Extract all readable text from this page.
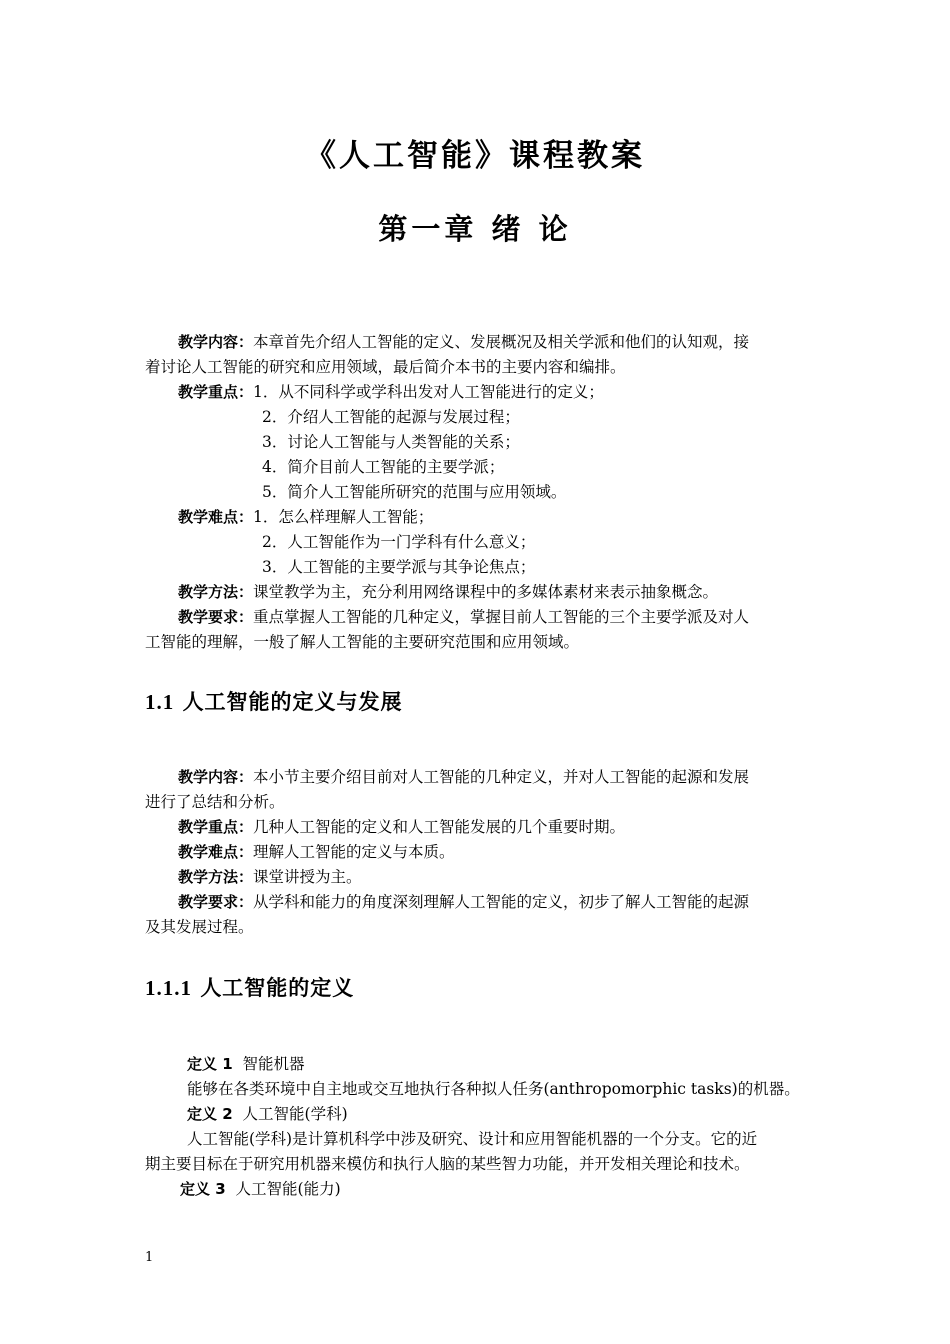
《人工智能》课程教案
第一章 绪 论
教学内容：本章首先介绍人工智能的定义、发展概况及相关学派和他们的认知观，接
着讨论人工智能的研究和应用领域，最后简介本书的主要内容和编排。
教学重点：1．从不同科学或学科出发对人工智能进行的定义；
2．介绍人工智能的起源与发展过程；
3．讨论人工智能与人类智能的关系；
4．简介目前人工智能的主要学派；
5．简介人工智能所研究的范围与应用领域。
教学难点：1．怎么样理解人工智能；
2．人工智能作为一门学科有什么意义；
3．人工智能的主要学派与其争论焦点；
教学方法：课堂教学为主，充分利用网络课程中的多媒体素材来表示抽象概念。
教学要求：重点掌握人工智能的几种定义，掌握目前人工智能的三个主要学派及对人
工智能的理解，一般了解人工智能的主要研究范围和应用领域。
1.1 人工智能的定义与发展
教学内容：本小节主要介绍目前对人工智能的几种定义，并对人工智能的起源和发展
进行了总结和分析。
教学重点：几种人工智能的定义和人工智能发展的几个重要时期。
教学难点：理解人工智能的定义与本质。
教学方法：课堂讲授为主。
教学要求：从学科和能力的角度深刻理解人工智能的定义，初步了解人工智能的起源
及其发展过程。
1.1.1 人工智能的定义
定义 1 智能机器
能够在各类环境中自主地或交互地执行各种拟人任务(anthropomorphic tasks)的机器。
定义 2 人工智能(学科)
人工智能(学科)是计算机科学中涉及研究、设计和应用智能机器的一个分支。它的近
期主要目标在于研究用机器来模仿和执行人脑的某些智力功能，并开发相关理论和技术。
定义 3 人工智能(能力)
1
